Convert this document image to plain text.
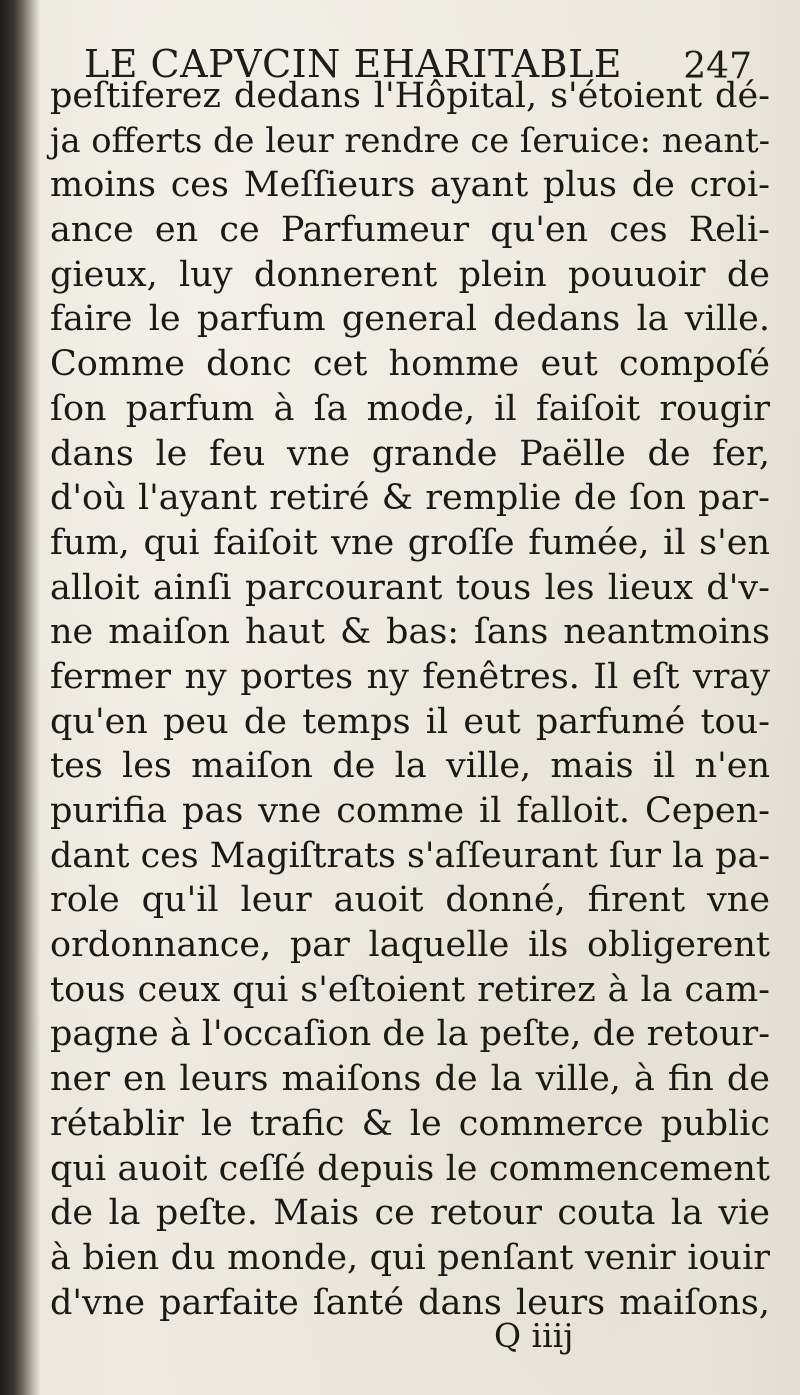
LE CAPVCIN EHARITABLE 247
peſtiferez dedans l'Hôpital, s'étoient dé-
ja offerts de leur rendre ce ſeruice: neant-
moins ces Meſſieurs ayant plus de croi-
ance en ce Parfumeur qu'en ces Reli-
gieux, luy donnerent plein pouuoir de
faire le parfum general dedans la ville.
Comme donc cet homme eut compoſé
ſon parfum à ſa mode, il faiſoit rougir
dans le feu vne grande Paëlle de fer,
d'où l'ayant retiré & remplie de ſon par-
fum, qui faiſoit vne groſſe fumée, il s'en
alloit ainſi parcourant tous les lieux d'v-
ne maiſon haut & bas: ſans neantmoins
fermer ny portes ny fenêtres. Il eſt vray
qu'en peu de temps il eut parfumé tou-
tes les maiſon de la ville, mais il n'en
purifia pas vne comme il falloit. Cepen-
dant ces Magiſtrats s'aſſeurant ſur la pa-
role qu'il leur auoit donné, firent vne
ordonnance, par laquelle ils obligerent
tous ceux qui s'eſtoient retirez à la cam-
pagne à l'occaſion de la peſte, de retour-
ner en leurs maiſons de la ville, à fin de
rétablir le trafic & le commerce public
qui auoit ceſſé depuis le commencement
de la peſte. Mais ce retour couta la vie
à bien du monde, qui penſant venir iouir
d'vne parfaite ſanté dans leurs maiſons,
Q iiij
